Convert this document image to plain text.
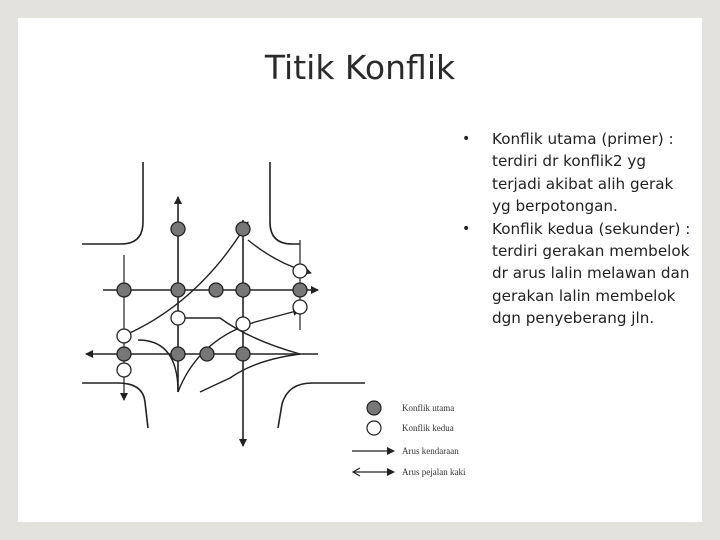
Konflik utama
Konflik kedua
Arus kendaraan
Arus pejalan kaki
Titik Konflik
• Konflik utama (primer) : terdiri dr konflik2 yg terjadi akibat alih gerak yg berpotongan.
• Konflik kedua (sekunder) : terdiri gerakan membelok dr arus lalin melawan dan gerakan lalin membelok dgn penyeberang jln.
